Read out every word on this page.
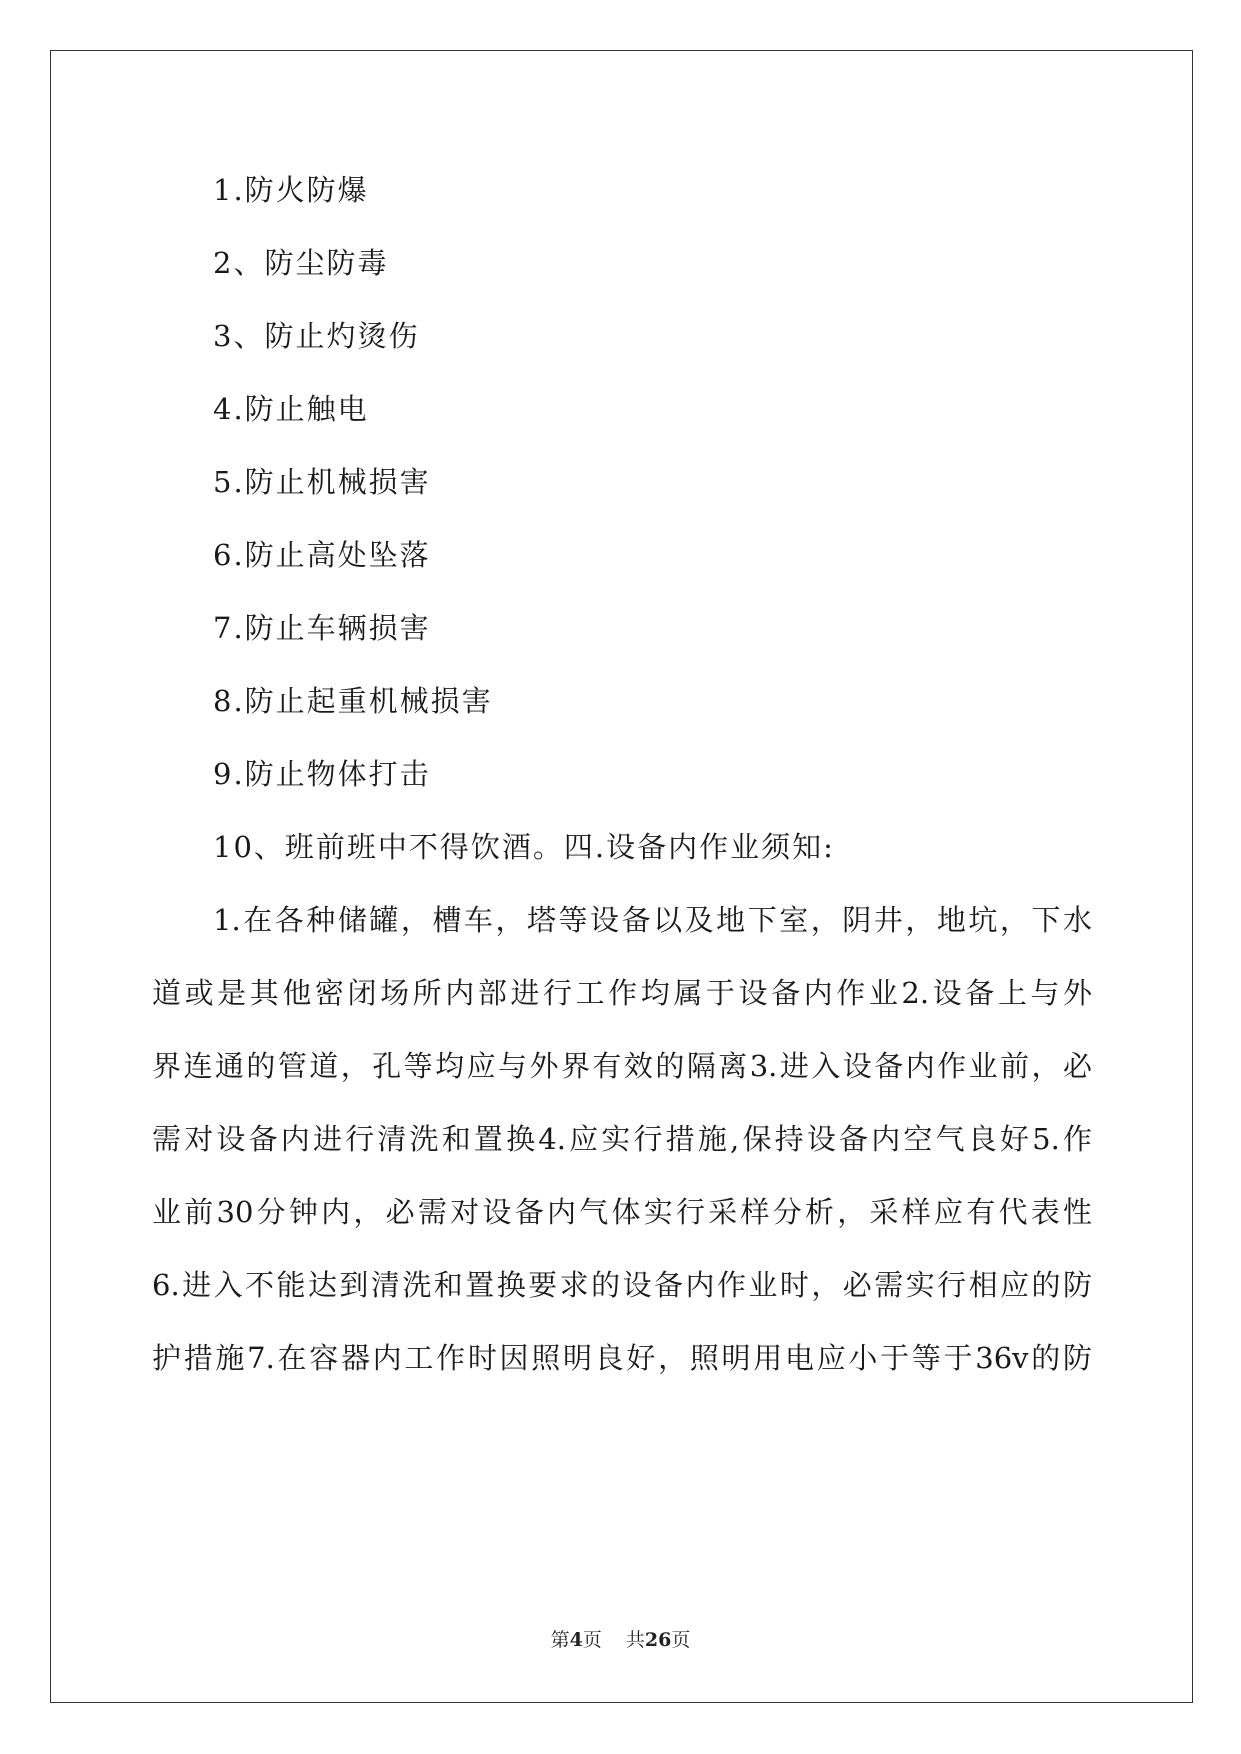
1.防火防爆
2、防尘防毒
3、防止灼烫伤
4.防止触电
5.防止机械损害
6.防止高处坠落
7.防止车辆损害
8.防止起重机械损害
9.防止物体打击
10、班前班中不得饮酒。四.设备内作业须知:
1.在各种储罐，槽车，塔等设备以及地下室，阴井，地坑，下水
道或是其他密闭场所内部进行工作均属于设备内作业2.设备上与外
界连通的管道，孔等均应与外界有效的隔离3.进入设备内作业前，必
需对设备内进行清洗和置换4.应实行措施,保持设备内空气良好5.作
业前30分钟内，必需对设备内气体实行采样分析，采样应有代表性
6.进入不能达到清洗和置换要求的设备内作业时，必需实行相应的防
护措施7.在容器内工作时因照明良好，照明用电应小于等于36v的防
第4页 共26页
